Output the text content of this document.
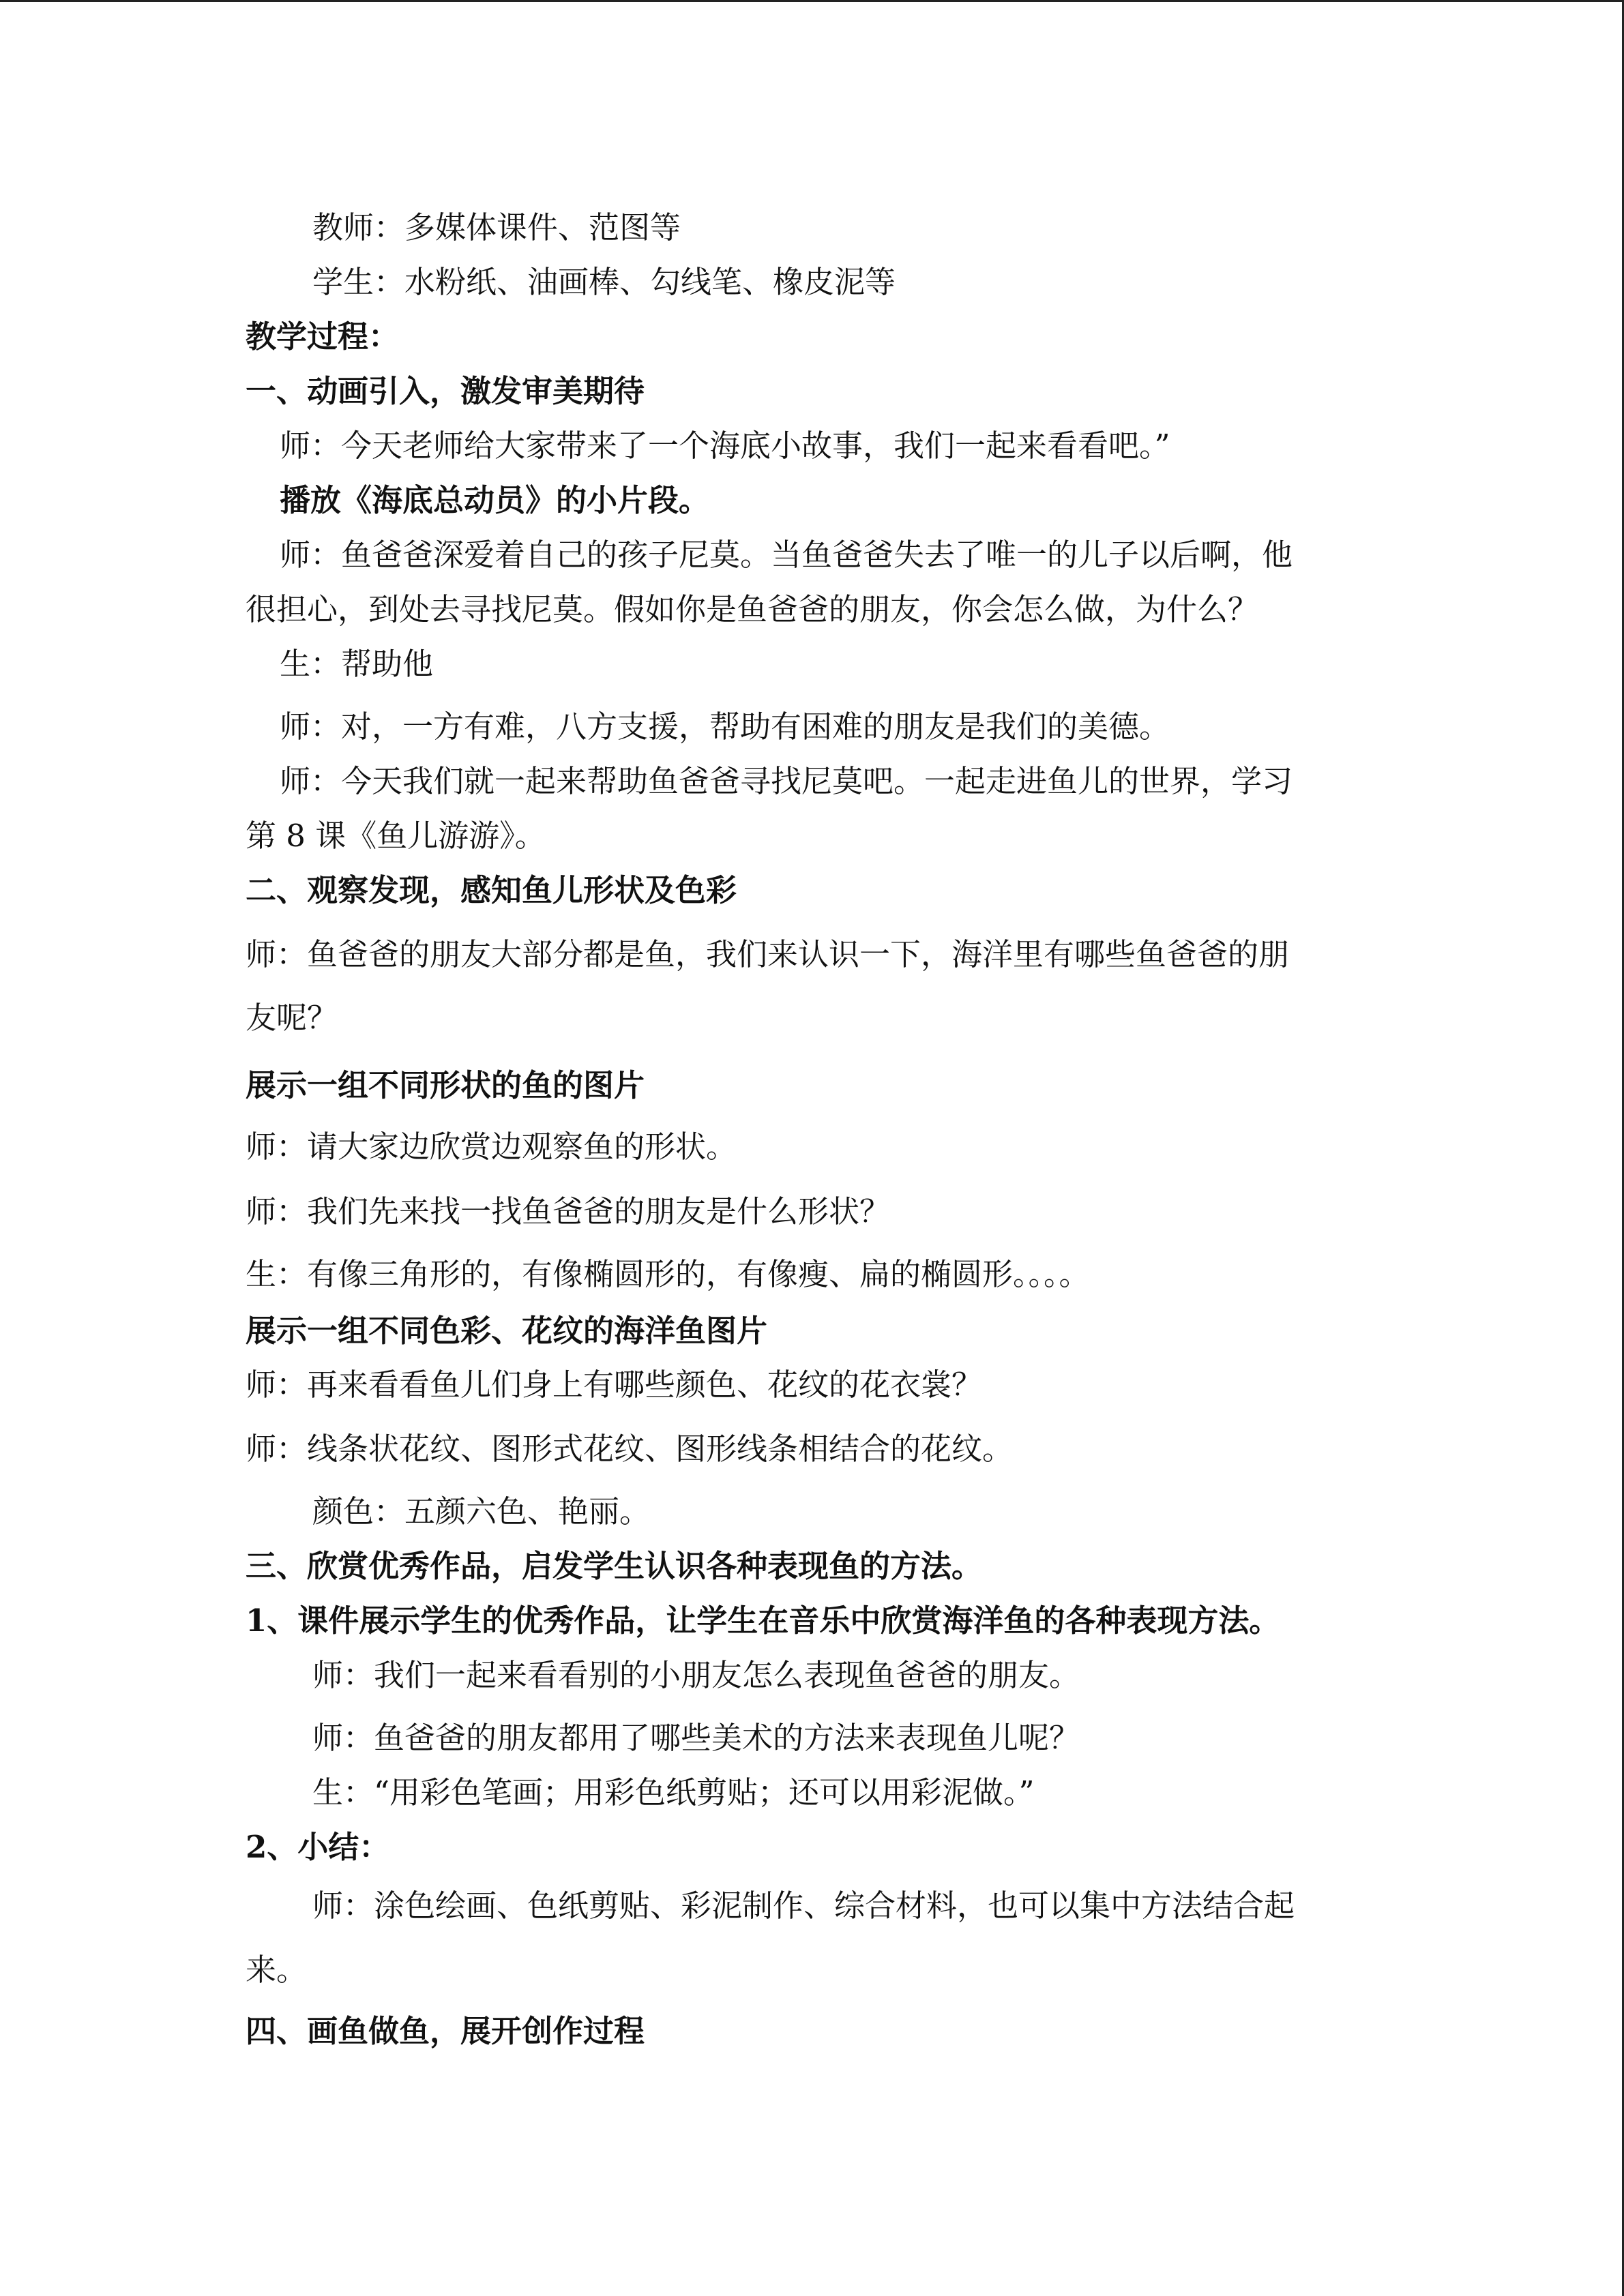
教师：多媒体课件、范图等
学生：水粉纸、油画棒、勾线笔、橡皮泥等
教学过程：
一、动画引入，激发审美期待
师：今天老师给大家带来了一个海底小故事，我们一起来看看吧。”
播放《海底总动员》的小片段。
师：鱼爸爸深爱着自己的孩子尼莫。当鱼爸爸失去了唯一的儿子以后啊，他
很担心，到处去寻找尼莫。假如你是鱼爸爸的朋友，你会怎么做，为什么？
生：帮助他
师：对，一方有难，八方支援，帮助有困难的朋友是我们的美德。
师：今天我们就一起来帮助鱼爸爸寻找尼莫吧。一起走进鱼儿的世界，学习
第 8 课《鱼儿游游》。
二、观察发现，感知鱼儿形状及色彩
师：鱼爸爸的朋友大部分都是鱼，我们来认识一下，海洋里有哪些鱼爸爸的朋
友呢？
展示一组不同形状的鱼的图片
师：请大家边欣赏边观察鱼的形状。
师：我们先来找一找鱼爸爸的朋友是什么形状？
生：有像三角形的，有像椭圆形的，有像瘦、扁的椭圆形。。。。
展示一组不同色彩、花纹的海洋鱼图片
师：再来看看鱼儿们身上有哪些颜色、花纹的花衣裳？
师：线条状花纹、图形式花纹、图形线条相结合的花纹。
颜色：五颜六色、艳丽。
三、欣赏优秀作品，启发学生认识各种表现鱼的方法。
1、课件展示学生的优秀作品，让学生在音乐中欣赏海洋鱼的各种表现方法。
师：我们一起来看看别的小朋友怎么表现鱼爸爸的朋友。
师：鱼爸爸的朋友都用了哪些美术的方法来表现鱼儿呢？
生：“用彩色笔画；用彩色纸剪贴；还可以用彩泥做。”
2、小结：
师：涂色绘画、色纸剪贴、彩泥制作、综合材料，也可以集中方法结合起
来。
四、画鱼做鱼，展开创作过程
